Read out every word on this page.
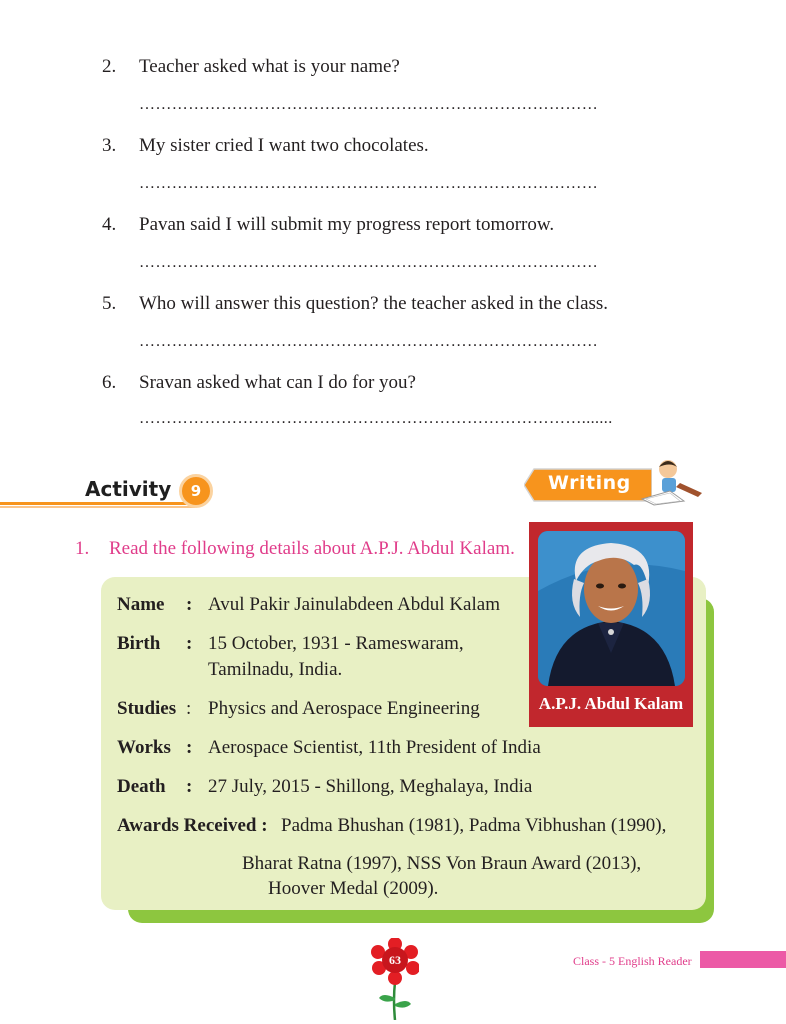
2. Teacher asked what is your name?
…………………………………………………………………………
3. My sister cried I want two chocolates.
…………………………………………………………………………
4. Pavan said I will submit my progress report tomorrow.
…………………………………………………………………………
5. Who will answer this question? the teacher asked in the class.
…………………………………………………………………………
6. Sravan asked what can I do for you?
……………………………………………………………………….......
Activity	9	Writing
1. Read the following details about A.P.J. Abdul Kalam.
Name : Avul Pakir Jainulabdeen Abdul Kalam
Birth : 15 October, 1931 - Rameswaram,
Tamilnadu, India.
Studies : Physics and Aerospace Engineering
Works : Aerospace Scientist, 11th President of India
Death : 27 July, 2015 - Shillong, Meghalaya, India
Awards Received : Padma Bhushan (1981), Padma Vibhushan (1990),
Bharat Ratna (1997), NSS Von Braun Award (2013),
Hoover Medal (2009).
A.P.J. Abdul Kalam
63	Class - 5 English Reader
